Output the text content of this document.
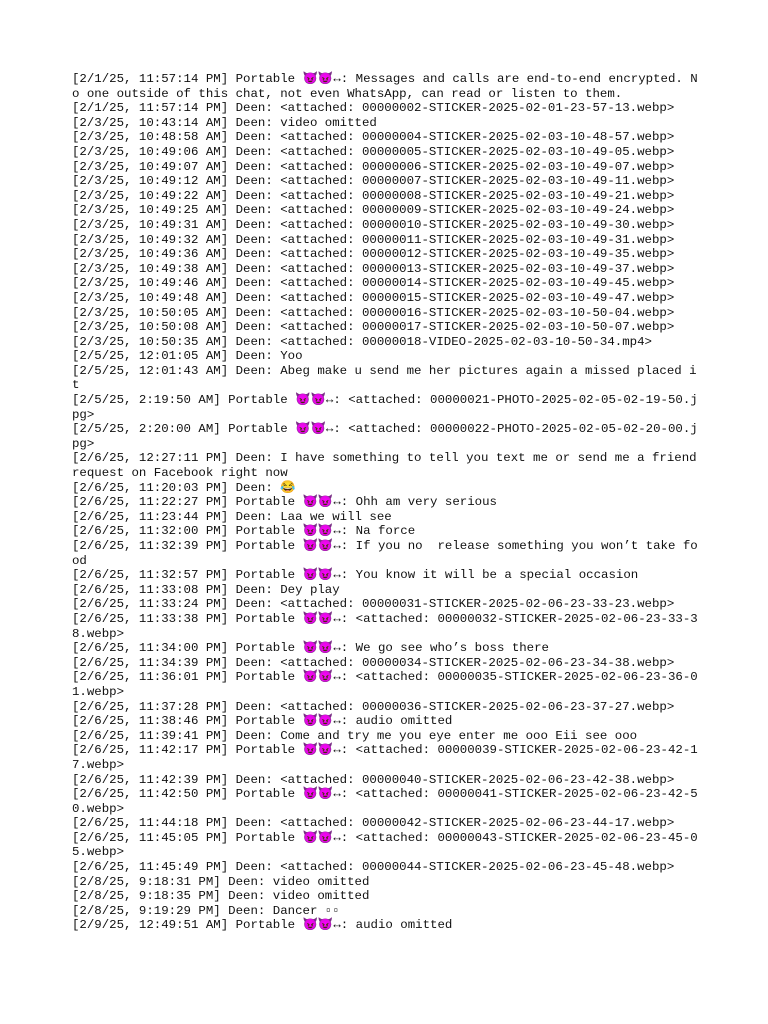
[2/1/25, 11:57:14 PM] Portable 😈😈↔: Messages and calls are end-to-end encrypted. No one outside of this chat, not even WhatsApp, can read or listen to them.

[2/1/25, 11:57:14 PM] Deen: <attached: 00000002-STICKER-2025-02-01-23-57-13.webp>

[2/3/25, 10:43:14 AM] Deen: video omitted

[2/3/25, 10:48:58 AM] Deen: <attached: 00000004-STICKER-2025-02-03-10-48-57.webp>

[2/3/25, 10:49:06 AM] Deen: <attached: 00000005-STICKER-2025-02-03-10-49-05.webp>

[2/3/25, 10:49:07 AM] Deen: <attached: 00000006-STICKER-2025-02-03-10-49-07.webp>

[2/3/25, 10:49:12 AM] Deen: <attached: 00000007-STICKER-2025-02-03-10-49-11.webp>

[2/3/25, 10:49:22 AM] Deen: <attached: 00000008-STICKER-2025-02-03-10-49-21.webp>

[2/3/25, 10:49:25 AM] Deen: <attached: 00000009-STICKER-2025-02-03-10-49-24.webp>

[2/3/25, 10:49:31 AM] Deen: <attached: 00000010-STICKER-2025-02-03-10-49-30.webp>

[2/3/25, 10:49:32 AM] Deen: <attached: 00000011-STICKER-2025-02-03-10-49-31.webp>

[2/3/25, 10:49:36 AM] Deen: <attached: 00000012-STICKER-2025-02-03-10-49-35.webp>

[2/3/25, 10:49:38 AM] Deen: <attached: 00000013-STICKER-2025-02-03-10-49-37.webp>

[2/3/25, 10:49:46 AM] Deen: <attached: 00000014-STICKER-2025-02-03-10-49-45.webp>

[2/3/25, 10:49:48 AM] Deen: <attached: 00000015-STICKER-2025-02-03-10-49-47.webp>

[2/3/25, 10:50:05 AM] Deen: <attached: 00000016-STICKER-2025-02-03-10-50-04.webp>

[2/3/25, 10:50:08 AM] Deen: <attached: 00000017-STICKER-2025-02-03-10-50-07.webp>

[2/3/25, 10:50:35 AM] Deen: <attached: 00000018-VIDEO-2025-02-03-10-50-34.mp4>

[2/5/25, 12:01:05 AM] Deen: Yoo

[2/5/25, 12:01:43 AM] Deen: Abeg make u send me her pictures again a missed placed it

[2/5/25, 2:19:50 AM] Portable 😈😈↔: <attached: 00000021-PHOTO-2025-02-05-02-19-50.jpg>

[2/5/25, 2:20:00 AM] Portable 😈😈↔: <attached: 00000022-PHOTO-2025-02-05-02-20-00.jpg>

[2/6/25, 12:27:11 PM] Deen: I have something to tell you text me or send me a friend request on Facebook right now

[2/6/25, 11:20:03 PM] Deen: 😂

[2/6/25, 11:22:27 PM] Portable 😈😈↔: Ohh am very serious

[2/6/25, 11:23:44 PM] Deen: Laa we will see

[2/6/25, 11:32:00 PM] Portable 😈😈↔: Na force

[2/6/25, 11:32:39 PM] Portable 😈😈↔: If you no  release something you won’t take food

[2/6/25, 11:32:57 PM] Portable 😈😈↔: You know it will be a special occasion

[2/6/25, 11:33:08 PM] Deen: Dey play

[2/6/25, 11:33:24 PM] Deen: <attached: 00000031-STICKER-2025-02-06-23-33-23.webp>

[2/6/25, 11:33:38 PM] Portable 😈😈↔: <attached: 00000032-STICKER-2025-02-06-23-33-38.webp>

[2/6/25, 11:34:00 PM] Portable 😈😈↔: We go see who’s boss there

[2/6/25, 11:34:39 PM] Deen: <attached: 00000034-STICKER-2025-02-06-23-34-38.webp>

[2/6/25, 11:36:01 PM] Portable 😈😈↔: <attached: 00000035-STICKER-2025-02-06-23-36-01.webp>

[2/6/25, 11:37:28 PM] Deen: <attached: 00000036-STICKER-2025-02-06-23-37-27.webp>

[2/6/25, 11:38:46 PM] Portable 😈😈↔: audio omitted

[2/6/25, 11:39:41 PM] Deen: Come and try me you eye enter me ooo Eii see ooo

[2/6/25, 11:42:17 PM] Portable 😈😈↔: <attached: 00000039-STICKER-2025-02-06-23-42-17.webp>

[2/6/25, 11:42:39 PM] Deen: <attached: 00000040-STICKER-2025-02-06-23-42-38.webp>

[2/6/25, 11:42:50 PM] Portable 😈😈↔: <attached: 00000041-STICKER-2025-02-06-23-42-50.webp>

[2/6/25, 11:44:18 PM] Deen: <attached: 00000042-STICKER-2025-02-06-23-44-17.webp>

[2/6/25, 11:45:05 PM] Portable 😈😈↔: <attached: 00000043-STICKER-2025-02-06-23-45-05.webp>

[2/6/25, 11:45:49 PM] Deen: <attached: 00000044-STICKER-2025-02-06-23-45-48.webp>

[2/8/25, 9:18:31 PM] Deen: video omitted

[2/8/25, 9:18:35 PM] Deen: video omitted

[2/8/25, 9:19:29 PM] Deen: Dancer ▫▫

[2/9/25, 12:49:51 AM] Portable 😈😈↔: audio omitted
